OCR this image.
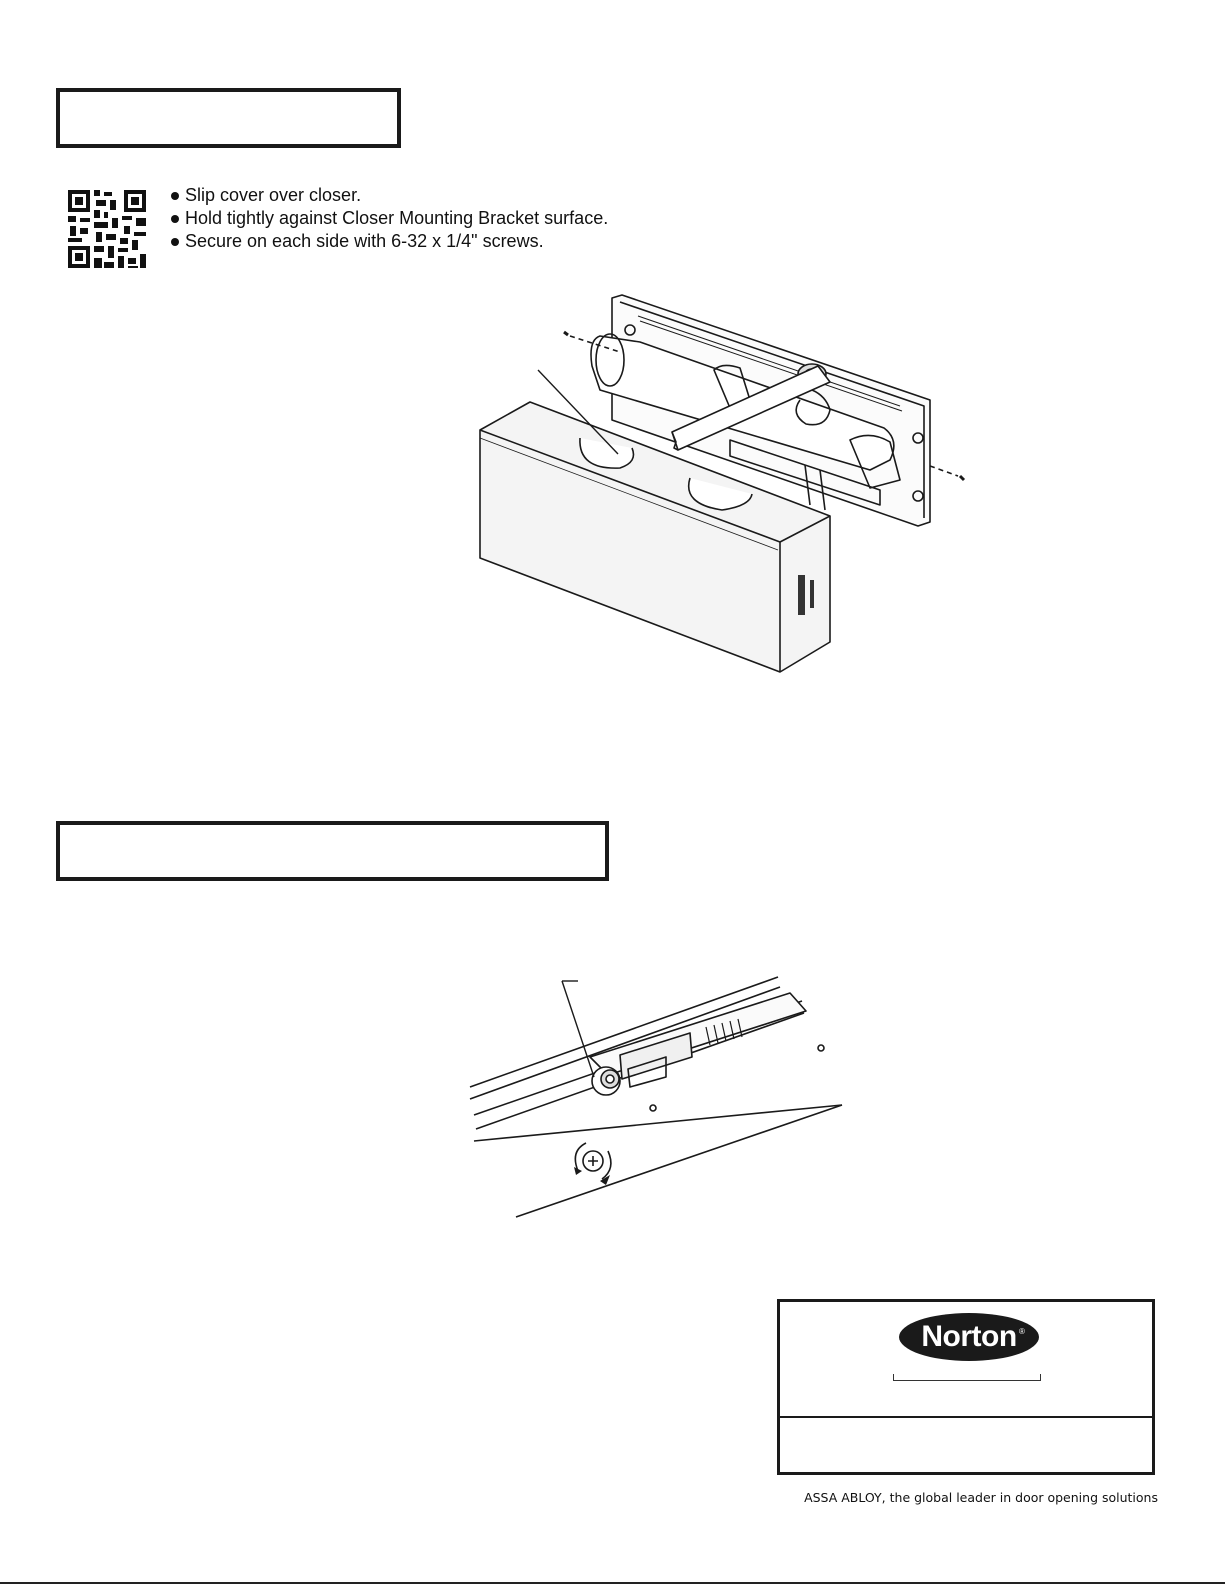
Slip cover over closer.
Hold tightly against Closer Mounting Bracket surface.
Secure on each side with 6-32 x 1/4" screws.
Norton ®
ASSA ABLOY, the global leader in door opening solutions
